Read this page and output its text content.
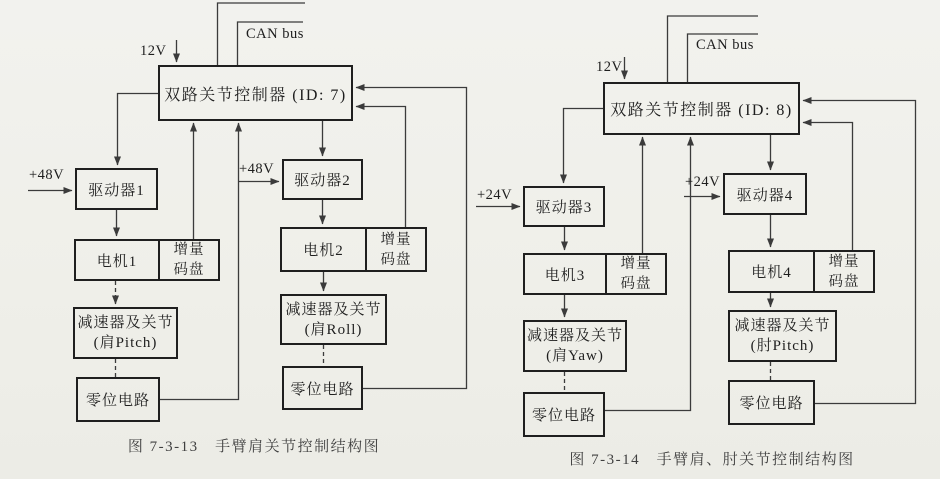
CAN bus
12V
双路关节控制器 (ID: 7)
+48V
驱动器1
电机1
增量
码盘
减速器及关节
(肩Pitch)
零位电路
+48V
驱动器2
电机2
增量
码盘
减速器及关节
(肩Roll)
零位电路
图 7-3-13　手臂肩关节控制结构图
CAN bus
12V
双路关节控制器 (ID: 8)
+24V
驱动器3
电机3
增量
码盘
减速器及关节
(肩Yaw)
零位电路
+24V
驱动器4
电机4
增量
码盘
减速器及关节
(肘Pitch)
零位电路
图 7-3-14　手臂肩、肘关节控制结构图
